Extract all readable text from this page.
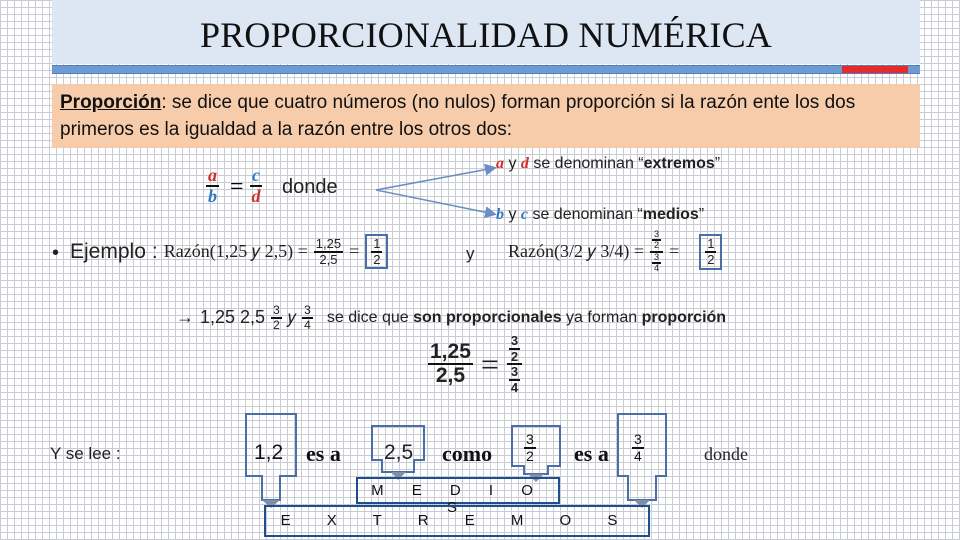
PROPORCIONALIDAD NUMÉRICA
Proporción: se dice que cuatro números (no nulos) forman proporción si la razón ente los dos primeros es la igualdad a la razón entre los otros dos:
$\frac{a}{b} = \frac{c}{d}$ donde
a y d se denominan “extremos”
b y c se denominan “medios”
• Ejemplo : Razón(1,25 𝑦 $2,5) = \frac{1,25}{2,5} = \frac{1}{2}$	y Razón(3/2 𝑦 $3/4) = \frac{\frac{3}{2}}{\frac{3}{4}} = \frac{1}{2}$
→ 1,25 $2,5 \frac{3}{2}$ 𝑦 $\frac{3}{4}$ se dice que son proporcionales ya forman proporción
$\frac{1,25}{2,5} = \frac{\frac{3}{2}}{\frac{3}{4}}$
Y se lee :	1,2 es a 2,5 como $\frac{3}{2}$ es a $\frac{3}{4}$	donde
M E D I O S
E X T R E M O S
